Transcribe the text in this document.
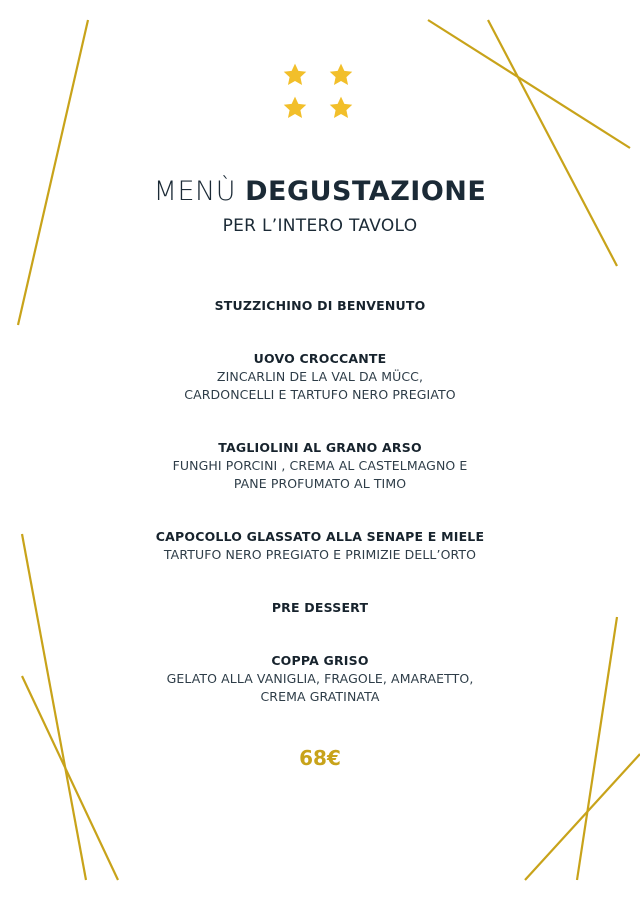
MENÙ DEGUSTAZIONE
PER L’INTERO TAVOLO
STUZZICHINO DI BENVENUTO
UOVO CROCCANTE
ZINCARLIN DE LA VAL DA MÜCC,
CARDONCELLI E TARTUFO NERO PREGIATO
TAGLIOLINI AL GRANO ARSO
FUNGHI PORCINI , CREMA AL CASTELMAGNO E
PANE PROFUMATO AL TIMO
CAPOCOLLO GLASSATO ALLA SENAPE E MIELE
TARTUFO NERO PREGIATO E PRIMIZIE DELL’ORTO
PRE DESSERT
COPPA GRISO
GELATO ALLA VANIGLIA, FRAGOLE, AMARAETTO,
CREMA GRATINATA
68€
